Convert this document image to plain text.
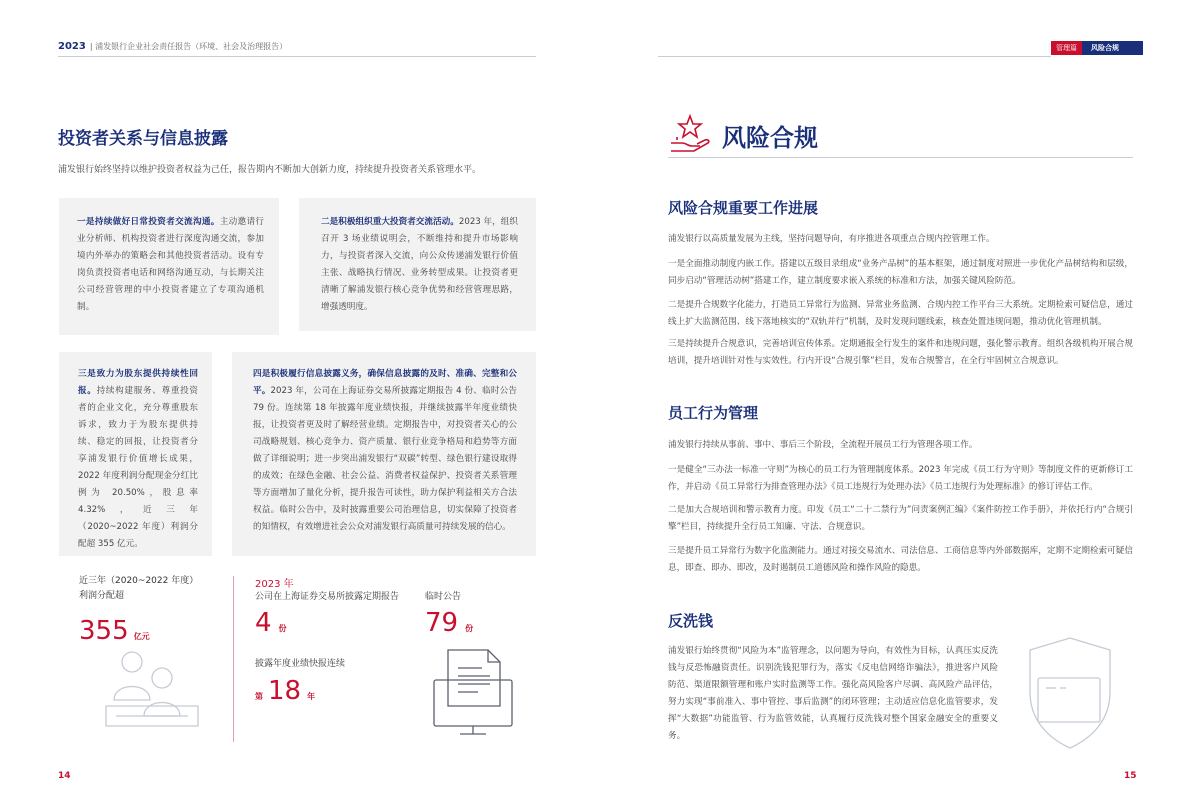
2023 | 浦发银行企业社会责任报告（环境、社会及治理报告）	管理篇	风险合规
投资者关系与信息披露
浦发银行始终坚持以维护投资者权益为己任，报告期内不断加大创新力度，持续提升投资者关系管理水平。

一是持续做好日常投资者交流沟通。主动邀请行业分析师、机构投资者进行深度沟通交流，参加境内外举办的策略会和其他投资者活动。设有专岗负责投资者电话和网络沟通互动，与长期关注公司经营管理的中小投资者建立了专项沟通机制。

二是积极组织重大投资者交流活动。2023 年，组织召开 3 场业绩说明会，不断维持和提升市场影响力，与投资者深入交流，向公众传递浦发银行价值主张、战略执行情况、业务转型成果。让投资者更清晰了解浦发银行核心竞争优势和经营管理思路，增强透明度。

三是致力为股东提供持续性回报。持续构建服务、尊重投资者的企业文化，充分尊重股东诉求，致力于为股东提供持续、稳定的回报，让投资者分享浦发银行价值增长成果，2022 年度利润分配现金分红比例为 20.50%，股息率 4.32%，近三年（2020~2022 年度）利润分配超 355 亿元。

四是积极履行信息披露义务，确保信息披露的及时、准确、完整和公平。2023 年，公司在上海证券交易所披露定期报告 4 份、临时公告 79 份。连续第 18 年披露年度业绩快报，并继续披露半年度业绩快报，让投资者更及时了解经营业绩。定期报告中，对投资者关心的公司战略规划、核心竞争力、资产质量、银行业竞争格局和趋势等方面做了详细说明；进一步突出浦发银行“双碳”转型、绿色银行建设取得的成效；在绿色金融、社会公益、消费者权益保护、投资者关系管理等方面增加了量化分析，提升报告可读性，助力保护利益相关方合法权益。临时公告中，及时披露重要公司治理信息，切实保障了投资者的知情权，有效增进社会公众对浦发银行高质量可持续发展的信心。

近三年（2020~2022 年度）
利润分配超
355 亿元
2023 年
公司在上海证券交易所披露定期报告
4 份
临时公告
79 份
披露年度业绩快报连续
第 18 年
14
风险合规
风险合规重要工作进展
浦发银行以高质量发展为主线，坚持问题导向，有序推进各项重点合规内控管理工作。
一是全面推动制度内嵌工作。搭建以五级目录组成“业务产品树”的基本框架，通过制度对照进一步优化产品树结构和层级，同步启动“管理活动树”搭建工作，建立制度要求嵌入系统的标准和方法，加强关键风险防范。
二是提升合规数字化能力，打造员工异常行为监测、异常业务监测、合规内控工作平台三大系统。定期检索可疑信息，通过线上扩大监测范围、线下落地核实的“双轨并行”机制，及时发现问题线索，核查处置违规问题，推动优化管理机制。
三是持续提升合规意识，完善培训宣传体系。定期通报全行发生的案件和违规问题，强化警示教育。组织各级机构开展合规培训，提升培训针对性与实效性。行内开设“合规引擎”栏目，发布合规警言，在全行牢固树立合规意识。
员工行为管理
浦发银行持续从事前、事中、事后三个阶段，全流程开展员工行为管理各项工作。
一是健全“三办法一标准一守则”为核心的员工行为管理制度体系。2023 年完成《员工行为守则》等制度文件的更新修订工作，并启动《员工异常行为排查管理办法》《员工违规行为处理办法》《员工违规行为处理标准》的修订评估工作。
二是加大合规培训和警示教育力度。印发《员工“二十二禁行为”问责案例汇编》《案件防控工作手册》，并依托行内“合规引擎”栏目，持续提升全行员工知廉、守法、合规意识。
三是提升员工异常行为数字化监测能力。通过对接交易流水、司法信息、工商信息等内外部数据库，定期不定期检索可疑信息，即查、即办、即改，及时遏制员工道德风险和操作风险的隐患。
反洗钱
浦发银行始终贯彻“风险为本”监管理念，以问题为导向，有效性为目标，认真压实反洗钱与反恐怖融资责任。识别洗钱犯罪行为，落实《反电信网络诈骗法》，推进客户风险防范、渠道限额管理和账户实时监测等工作。强化高风险客户尽调、高风险产品评估，努力实现“事前准入、事中管控、事后监测”的闭环管理；主动适应信息化监管要求，发挥“大数据”功能监管、行为监管效能，认真履行反洗钱对整个国家金融安全的重要义务。
15
